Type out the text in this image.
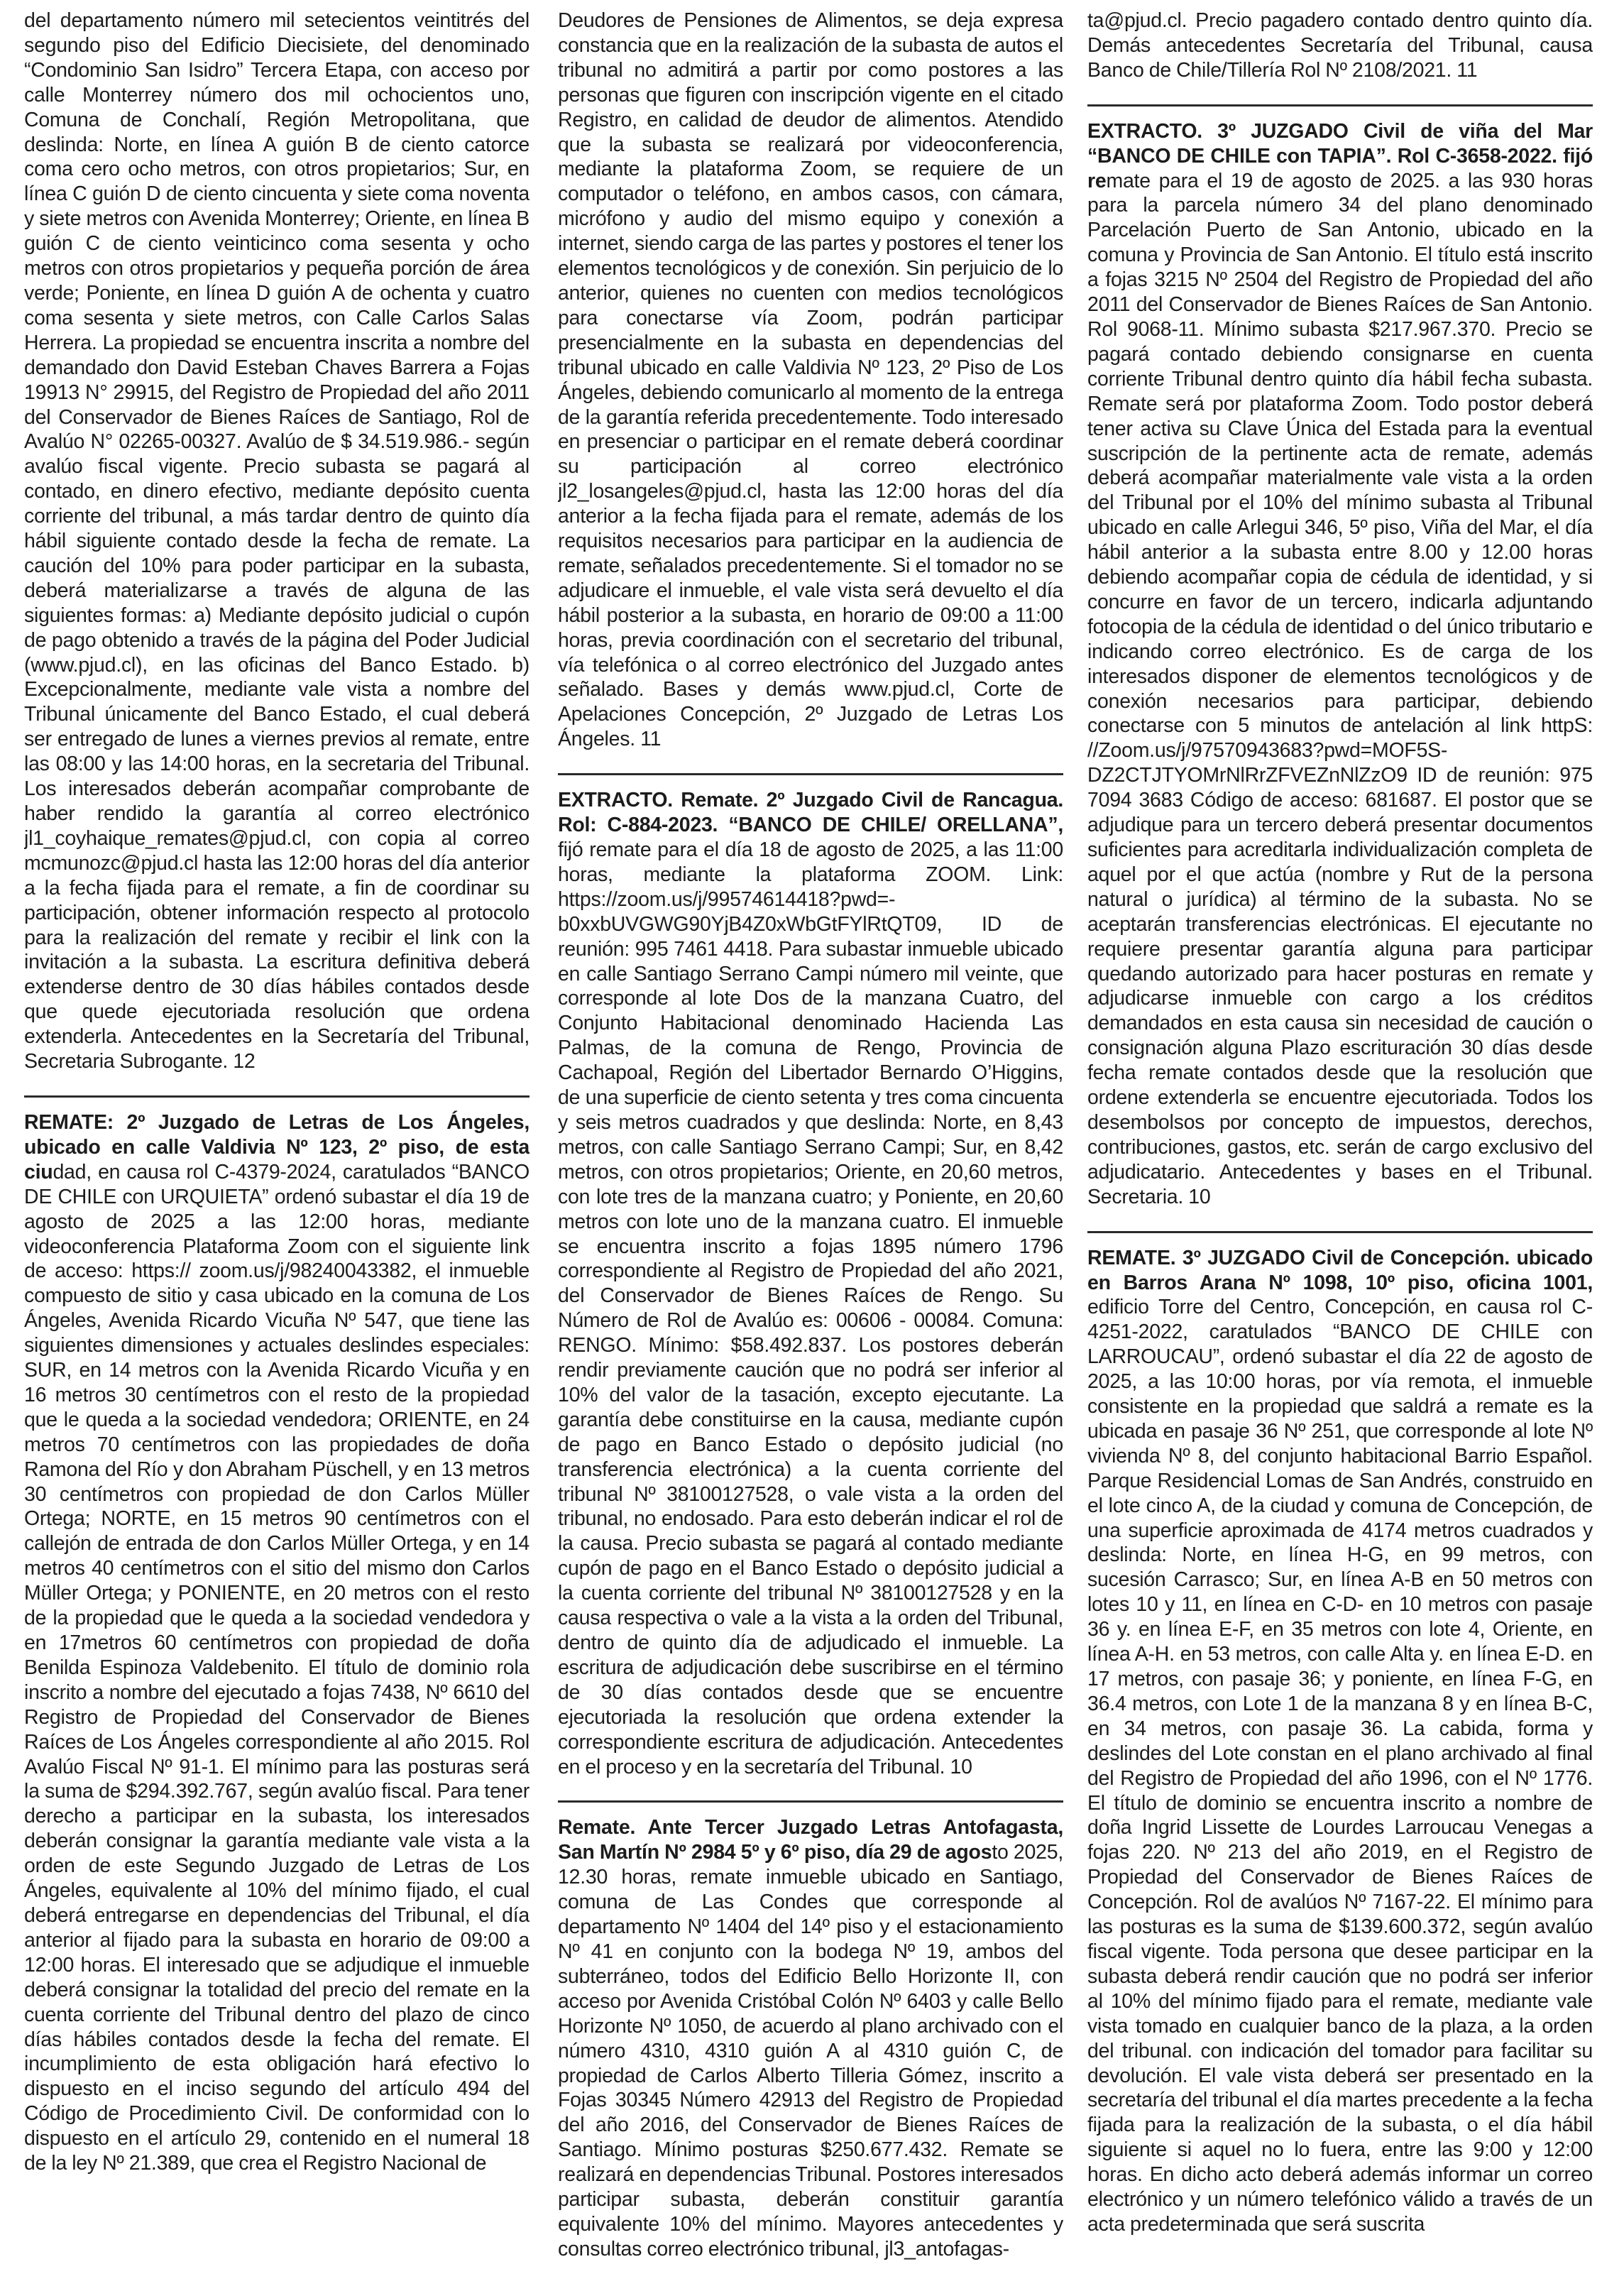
del departamento número mil setecientos veintitrés del segundo piso del Edificio Diecisiete, del denominado “Condominio San Isidro” Tercera Etapa, con acceso por calle Monterrey número dos mil ochocientos uno, Comuna de Conchalí, Región Metropolitana, que deslinda: Norte, en línea A guión B de ciento catorce coma cero ocho metros, con otros propietarios; Sur, en línea C guión D de ciento cincuenta y siete coma noventa y siete metros con Avenida Monterrey; Oriente, en línea B guión C de ciento veinticinco coma sesenta y ocho metros con otros propietarios y pequeña porción de área verde; Poniente, en línea D guión A de ochenta y cuatro coma sesenta y siete metros, con Calle Carlos Salas Herrera. La propiedad se encuentra inscrita a nombre del demandado don David Esteban Chaves Barrera a Fojas 19913 N° 29915, del Registro de Propiedad del año 2011 del Conservador de Bienes Raíces de Santiago, Rol de Avalúo N° 02265-00327. Avalúo de $ 34.519.986.- según avalúo fiscal vigente. Precio subasta se pagará al contado, en dinero efectivo, mediante depósito cuenta corriente del tribunal, a más tardar dentro de quinto día hábil siguiente contado desde la fecha de remate. La caución del 10% para poder participar en la subasta, deberá materializarse a través de alguna de las siguientes formas: a) Mediante depósito judicial o cupón de pago obtenido a través de la página del Poder Judicial (www.pjud.cl), en las oficinas del Banco Estado. b) Excepcionalmente, mediante vale vista a nombre del Tribunal únicamente del Banco Estado, el cual deberá ser entregado de lunes a viernes previos al remate, entre las 08:00 y las 14:00 horas, en la secretaria del Tribunal. Los interesados deberán acompañar comprobante de haber rendido la garantía al correo electrónico jl1_coyhaique_remates@pjud.cl, con copia al correo mcmunozc@pjud.cl hasta las 12:00 horas del día anterior a la fecha fijada para el remate, a fin de coordinar su participación, obtener información respecto al protocolo para la realización del remate y recibir el link con la invitación a la subasta. La escritura definitiva deberá extenderse dentro de 30 días hábiles contados desde que quede ejecutoriada resolución que ordena extenderla. Antecedentes en la Secretaría del Tribunal, Secretaria Subrogante. 12

REMATE: 2º Juzgado de Letras de Los Ángeles, ubicado en calle Valdivia Nº 123, 2º piso, de esta ciudad, en causa rol C-4379-2024, caratulados “BANCO DE CHILE con URQUIETA” ordenó subastar el día 19 de agosto de 2025 a las 12:00 horas, mediante videoconferencia Plataforma Zoom con el siguiente link de acceso: https:// zoom.us/j/98240043382, el inmueble compuesto de sitio y casa ubicado en la comuna de Los Ángeles, Avenida Ricardo Vicuña Nº 547, que tiene las siguientes dimensiones y actuales deslindes especiales: SUR, en 14 metros con la Avenida Ricardo Vicuña y en 16 metros 30 centímetros con el resto de la propiedad que le queda a la sociedad vendedora; ORIENTE, en 24 metros 70 centímetros con las propiedades de doña Ramona del Río y don Abraham Püschell, y en 13 metros 30 centímetros con propiedad de don Carlos Müller Ortega; NORTE, en 15 metros 90 centímetros con el callejón de entrada de don Carlos Müller Ortega, y en 14 metros 40 centímetros con el sitio del mismo don Carlos Müller Ortega; y PONIENTE, en 20 metros con el resto de la propiedad que le queda a la sociedad vendedora y en 17metros 60 centímetros con propiedad de doña Benilda Espinoza Valdebenito. El título de dominio rola inscrito a nombre del ejecutado a fojas 7438, Nº 6610 del Registro de Propiedad del Conservador de Bienes Raíces de Los Ángeles correspondiente al año 2015. Rol Avalúo Fiscal Nº 91-1. El mínimo para las posturas será la suma de $294.392.767, según avalúo fiscal. Para tener derecho a participar en la subasta, los interesados deberán consignar la garantía mediante vale vista a la orden de este Segundo Juzgado de Letras de Los Ángeles, equivalente al 10% del mínimo fijado, el cual deberá entregarse en dependencias del Tribunal, el día anterior al fijado para la subasta en horario de 09:00 a 12:00 horas. El interesado que se adjudique el inmueble deberá consignar la totalidad del precio del remate en la cuenta corriente del Tribunal dentro del plazo de cinco días hábiles contados desde la fecha del remate. El incumplimiento de esta obligación hará efectivo lo dispuesto en el inciso segundo del artículo 494 del Código de Procedimiento Civil. De conformidad con lo dispuesto en el artículo 29, contenido en el numeral 18 de la ley Nº 21.389, que crea el Registro Nacional de

Deudores de Pensiones de Alimentos, se deja expresa constancia que en la realización de la subasta de autos el tribunal no admitirá a partir por como postores a las personas que figuren con inscripción vigente en el citado Registro, en calidad de deudor de alimentos. Atendido que la subasta se realizará por videoconferencia, mediante la plataforma Zoom, se requiere de un computador o teléfono, en ambos casos, con cámara, micrófono y audio del mismo equipo y conexión a internet, siendo carga de las partes y postores el tener los elementos tecnológicos y de conexión. Sin perjuicio de lo anterior, quienes no cuenten con medios tecnológicos para conectarse vía Zoom, podrán participar presencialmente en la subasta en dependencias del tribunal ubicado en calle Valdivia Nº 123, 2º Piso de Los Ángeles, debiendo comunicarlo al momento de la entrega de la garantía referida precedentemente. Todo interesado en presenciar o participar en el remate deberá coordinar su participación al correo electrónico jl2_losangeles@pjud.cl, hasta las 12:00 horas del día anterior a la fecha fijada para el remate, además de los requisitos necesarios para participar en la audiencia de remate, señalados precedentemente. Si el tomador no se adjudicare el inmueble, el vale vista será devuelto el día hábil posterior a la subasta, en horario de 09:00 a 11:00 horas, previa coordinación con el secretario del tribunal, vía telefónica o al correo electrónico del Juzgado antes señalado. Bases y demás www.pjud.cl, Corte de Apelaciones Concepción, 2º Juzgado de Letras Los Ángeles. 11

EXTRACTO. Remate. 2º Juzgado Civil de Rancagua. Rol: C-884-2023. “BANCO DE CHILE/ ORELLANA”, fijó remate para el día 18 de agosto de 2025, a las 11:00 horas, mediante la plataforma ZOOM. Link: https://zoom.us/j/99574614418?pwd=-b0xxbUVGWG90YjB4Z0xWbGtFYlRtQT09, ID de reunión: 995 7461 4418. Para subastar inmueble ubicado en calle Santiago Serrano Campi número mil veinte, que corresponde al lote Dos de la manzana Cuatro, del Conjunto Habitacional denominado Hacienda Las Palmas, de la comuna de Rengo, Provincia de Cachapoal, Región del Libertador Bernardo O’Higgins, de una superficie de ciento setenta y tres coma cincuenta y seis metros cuadrados y que deslinda: Norte, en 8,43 metros, con calle Santiago Serrano Campi; Sur, en 8,42 metros, con otros propietarios; Oriente, en 20,60 metros, con lote tres de la manzana cuatro; y Poniente, en 20,60 metros con lote uno de la manzana cuatro. El inmueble se encuentra inscrito a fojas 1895 número 1796 correspondiente al Registro de Propiedad del año 2021, del Conservador de Bienes Raíces de Rengo. Su Número de Rol de Avalúo es: 00606 - 00084. Comuna: RENGO. Mínimo: $58.492.837. Los postores deberán rendir previamente caución que no podrá ser inferior al 10% del valor de la tasación, excepto ejecutante. La garantía debe constituirse en la causa, mediante cupón de pago en Banco Estado o depósito judicial (no transferencia electrónica) a la cuenta corriente del tribunal Nº 38100127528, o vale vista a la orden del tribunal, no endosado. Para esto deberán indicar el rol de la causa. Precio subasta se pagará al contado mediante cupón de pago en el Banco Estado o depósito judicial a la cuenta corriente del tribunal Nº 38100127528 y en la causa respectiva o vale a la vista a la orden del Tribunal, dentro de quinto día de adjudicado el inmueble. La escritura de adjudicación debe suscribirse en el término de 30 días contados desde que se encuentre ejecutoriada la resolución que ordena extender la correspondiente escritura de adjudicación. Antecedentes en el proceso y en la secretaría del Tribunal. 10

Remate. Ante Tercer Juzgado Letras Antofagasta, San Martín Nº 2984 5º y 6º piso, día 29 de agosto 2025, 12.30 horas, remate inmueble ubicado en Santiago, comuna de Las Condes que corresponde al departamento Nº 1404 del 14º piso y el estacionamiento Nº 41 en conjunto con la bodega Nº 19, ambos del subterráneo, todos del Edificio Bello Horizonte II, con acceso por Avenida Cristóbal Colón Nº 6403 y calle Bello Horizonte Nº 1050, de acuerdo al plano archivado con el número 4310, 4310 guión A al 4310 guión C, de propiedad de Carlos Alberto Tilleria Gómez, inscrito a Fojas 30345 Número 42913 del Registro de Propiedad del año 2016, del Conservador de Bienes Raíces de Santiago. Mínimo posturas $250.677.432. Remate se realizará en dependencias Tribunal. Postores interesados participar subasta, deberán constituir garantía equivalente 10% del mínimo. Mayores antecedentes y consultas correo electrónico tribunal, jl3_antofagas-

ta@pjud.cl. Precio pagadero contado dentro quinto día. Demás antecedentes Secretaría del Tribunal, causa Banco de Chile/Tillería Rol Nº 2108/2021. 11

EXTRACTO. 3º JUZGADO Civil de viña del Mar “BANCO DE CHILE con TAPIA”. Rol C-3658-2022. fijó remate para el 19 de agosto de 2025. a las 930 horas para la parcela número 34 del plano denominado Parcelación Puerto de San Antonio, ubicado en la comuna y Provincia de San Antonio. El título está inscrito a fojas 3215 Nº 2504 del Registro de Propiedad del año 2011 del Conservador de Bienes Raíces de San Antonio. Rol 9068-11. Mínimo subasta $217.967.370. Precio se pagará contado debiendo consignarse en cuenta corriente Tribunal dentro quinto día hábil fecha subasta. Remate será por plataforma Zoom. Todo postor deberá tener activa su Clave Única del Estada para la eventual suscripción de la pertinente acta de remate, además deberá acompañar materialmente vale vista a la orden del Tribunal por el 10% del mínimo subasta al Tribunal ubicado en calle Arlegui 346, 5º piso, Viña del Mar, el día hábil anterior a la subasta entre 8.00 y 12.00 horas debiendo acompañar copia de cédula de identidad, y si concurre en favor de un tercero, indicarla adjuntando fotocopia de la cédula de identidad o del único tributario e indicando correo electrónico. Es de carga de los interesados disponer de elementos tecnológicos y de conexión necesarios para participar, debiendo conectarse con 5 minutos de antelación al link httpS: //Zoom.us/j/97570943683?pwd=MOF5S-DZ2CTJTYOMrNlRrZFVEZnNlZzO9 ID de reunión: 975 7094 3683 Código de acceso: 681687. El postor que se adjudique para un tercero deberá presentar documentos suficientes para acreditarla individualización completa de aquel por el que actúa (nombre y Rut de la persona natural o jurídica) al término de la subasta. No se aceptarán transferencias electrónicas. El ejecutante no requiere presentar garantía alguna para participar quedando autorizado para hacer posturas en remate y adjudicarse inmueble con cargo a los créditos demandados en esta causa sin necesidad de caución o consignación alguna Plazo escrituración 30 días desde fecha remate contados desde que la resolución que ordene extenderla se encuentre ejecutoriada. Todos los desembolsos por concepto de impuestos, derechos, contribuciones, gastos, etc. serán de cargo exclusivo del adjudicatario. Antecedentes y bases en el Tribunal. Secretaria. 10

REMATE. 3º JUZGADO Civil de Concepción. ubicado en Barros Arana Nº 1098, 10º piso, oficina 1001, edificio Torre del Centro, Concepción, en causa rol C-4251-2022, caratulados “BANCO DE CHILE con LARROUCAU”, ordenó subastar el día 22 de agosto de 2025, a las 10:00 horas, por vía remota, el inmueble consistente en la propiedad que saldrá a remate es la ubicada en pasaje 36 Nº 251, que corresponde al lote Nº vivienda Nº 8, del conjunto habitacional Barrio Español. Parque Residencial Lomas de San Andrés, construido en el lote cinco A, de la ciudad y comuna de Concepción, de una superficie aproximada de 4174 metros cuadrados y deslinda: Norte, en línea H-G, en 99 metros, con sucesión Carrasco; Sur, en línea A-B en 50 metros con lotes 10 y 11, en línea en C-D- en 10 metros con pasaje 36 y. en línea E-F, en 35 metros con lote 4, Oriente, en línea A-H. en 53 metros, con calle Alta y. en línea E-D. en 17 metros, con pasaje 36; y poniente, en línea F-G, en 36.4 metros, con Lote 1 de la manzana 8 y en línea B-C, en 34 metros, con pasaje 36. La cabida, forma y deslindes del Lote constan en el plano archivado al final del Registro de Propiedad del año 1996, con el Nº 1776. El título de dominio se encuentra inscrito a nombre de doña Ingrid Lissette de Lourdes Larroucau Venegas a fojas 220. Nº 213 del año 2019, en el Registro de Propiedad del Conservador de Bienes Raíces de Concepción. Rol de avalúos Nº 7167-22. El mínimo para las posturas es la suma de $139.600.372, según avalúo fiscal vigente. Toda persona que desee participar en la subasta deberá rendir caución que no podrá ser inferior al 10% del mínimo fijado para el remate, mediante vale vista tomado en cualquier banco de la plaza, a la orden del tribunal. con indicación del tomador para facilitar su devolución. El vale vista deberá ser presentado en la secretaría del tribunal el día martes precedente a la fecha fijada para la realización de la subasta, o el día hábil siguiente si aquel no lo fuera, entre las 9:00 y 12:00 horas. En dicho acto deberá además informar un correo electrónico y un número telefónico válido a través de un acta predeterminada que será suscrita
